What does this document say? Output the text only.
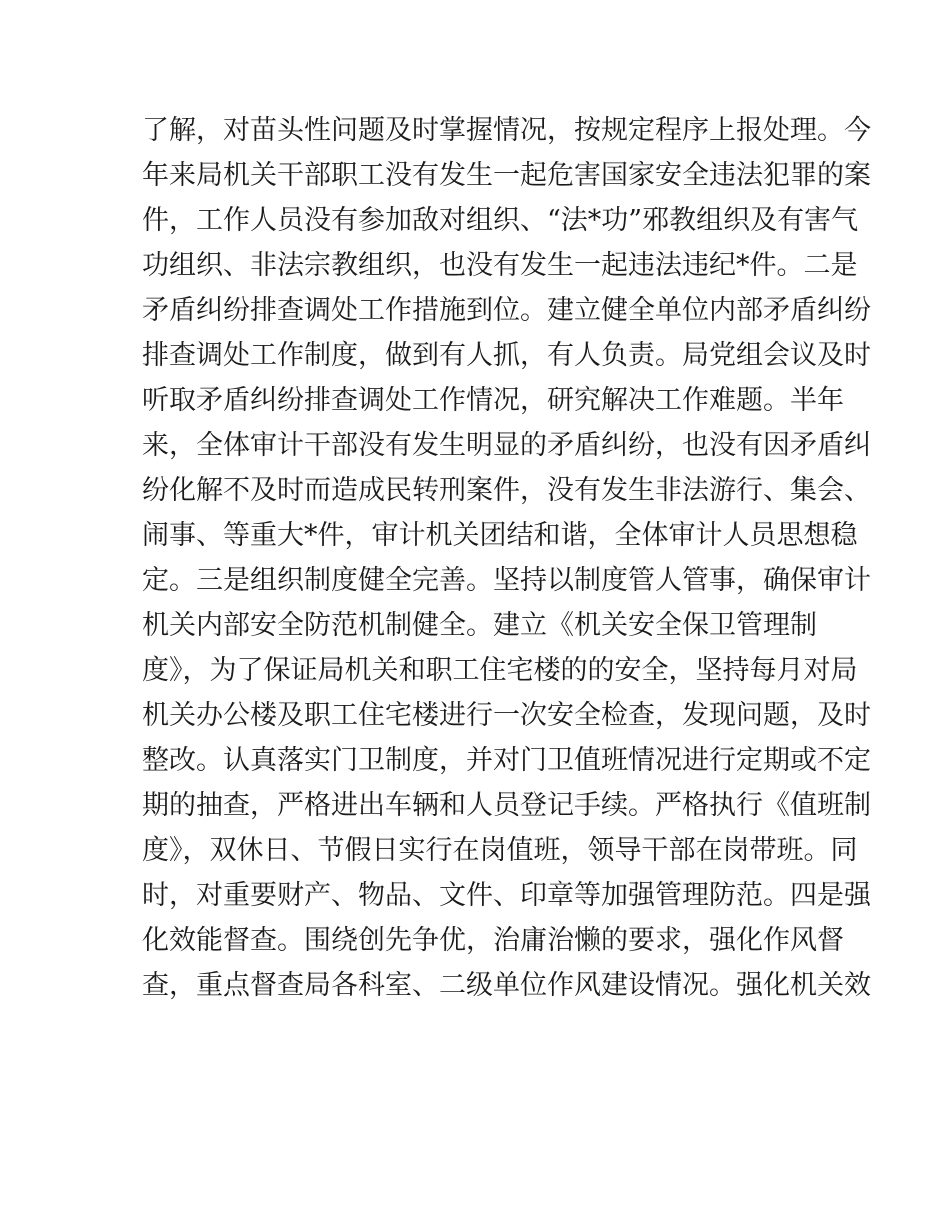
了解，对苗头性问题及时掌握情况，按规定程序上报处理。今
年来局机关干部职工没有发生一起危害国家安全违法犯罪的案
件，工作人员没有参加敌对组织、“法*功”邪教组织及有害气
功组织、非法宗教组织，也没有发生一起违法违纪*件。二是
矛盾纠纷排查调处工作措施到位。建立健全单位内部矛盾纠纷
排查调处工作制度，做到有人抓，有人负责。局党组会议及时
听取矛盾纠纷排查调处工作情况，研究解决工作难题。半年
来，全体审计干部没有发生明显的矛盾纠纷，也没有因矛盾纠
纷化解不及时而造成民转刑案件，没有发生非法游行、集会、
闹事、等重大*件，审计机关团结和谐，全体审计人员思想稳
定。三是组织制度健全完善。坚持以制度管人管事，确保审计
机关内部安全防范机制健全。建立《机关安全保卫管理制
度》，为了保证局机关和职工住宅楼的的安全，坚持每月对局
机关办公楼及职工住宅楼进行一次安全检查，发现问题，及时
整改。认真落实门卫制度，并对门卫值班情况进行定期或不定
期的抽查，严格进出车辆和人员登记手续。严格执行《值班制
度》，双休日、节假日实行在岗值班，领导干部在岗带班。同
时，对重要财产、物品、文件、印章等加强管理防范。四是强
化效能督查。围绕创先争优，治庸治懒的要求，强化作风督
查，重点督查局各科室、二级单位作风建设情况。强化机关效
